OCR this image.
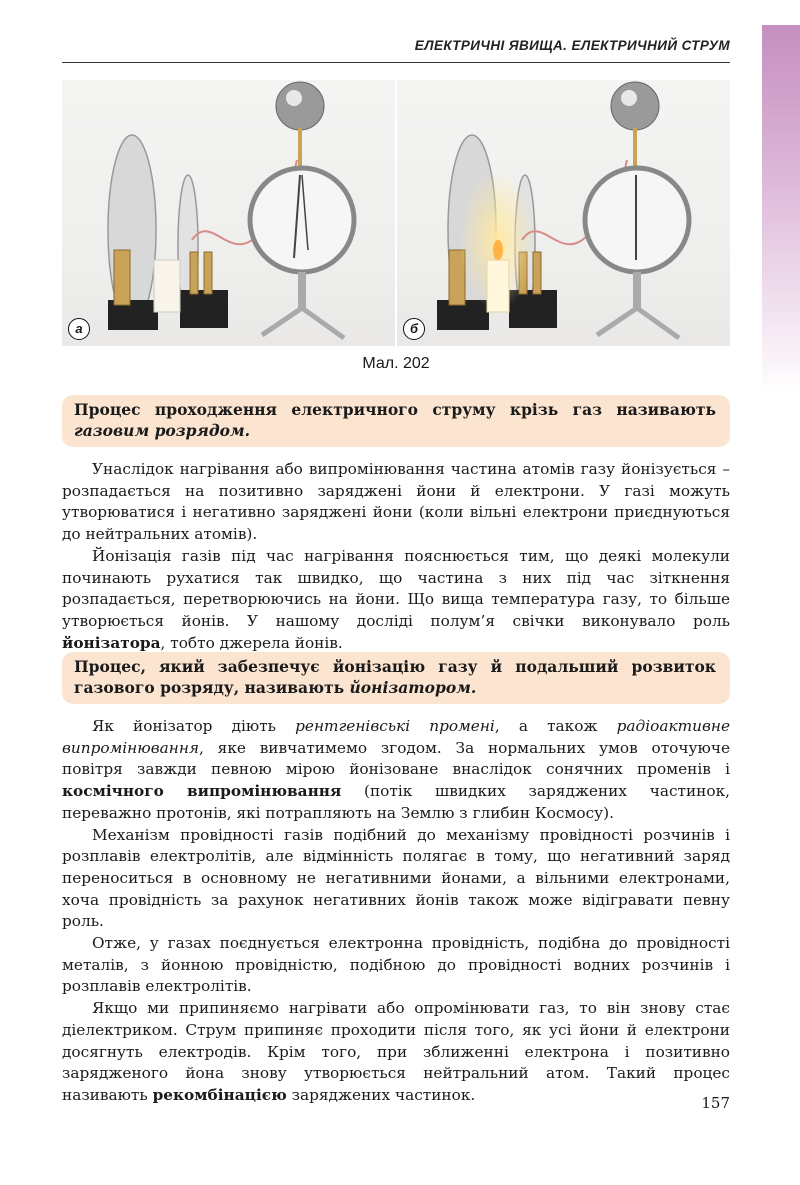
ЕЛЕКТРИЧНІ ЯВИЩА. ЕЛЕКТРИЧНИЙ СТРУМ
а	б
Мал. 202
Процес проходження електричного струму крізь газ називають газовим розрядом.

Унаслідок нагрівання або випромінювання частина атомів газу йонізується – розпадається на позитивно заряджені йони й електрони. У газі можуть утворюватися і негативно заряджені йони (коли вільні електрони приєднуються до нейтральних атомів).

Йонізація газів під час нагрівання пояснюється тим, що деякі молекули починають рухатися так швидко, що частина з них під час зіткнення розпадається, перетворюючись на йони. Що вища температура газу, то більше утворюється йонів. У нашому досліді полум’я свічки виконувало роль йонізатора, тобто джерела йонів.

Процес, який забезпечує йонізацію газу й подальший розвиток газового розряду, називають йонізатором.

Як йонізатор діють рентгенівські промені, а також радіоактивне випромінювання, яке вивчатимемо згодом. За нормальних умов оточуюче повітря завжди певною мірою йонізоване внаслідок сонячних променів і космічного випромінювання (потік швидких заряджених частинок, переважно протонів, які потрапляють на Землю з глибин Космосу).

Механізм провідності газів подібний до механізму провідності розчинів і розплавів електролітів, але відмінність полягає в тому, що негативний заряд переноситься в основному не негативними йонами, а вільними електронами, хоча провідність за рахунок негативних йонів також може відігравати певну роль.

Отже, у газах поєднується електронна провідність, подібна до провідності металів, з йонною провідністю, подібною до провідності водних розчинів і розплавів електролітів.

Якщо ми припиняємо нагрівати або опромінювати газ, то він знову стає діелектриком. Струм припиняє проходити після того, як усі йони й електрони досягнуть електродів. Крім того, при зближенні електрона і позитивно зарядженого йона знову утворюється нейтральний атом. Такий процес називають рекомбінацією заряджених частинок.	157
